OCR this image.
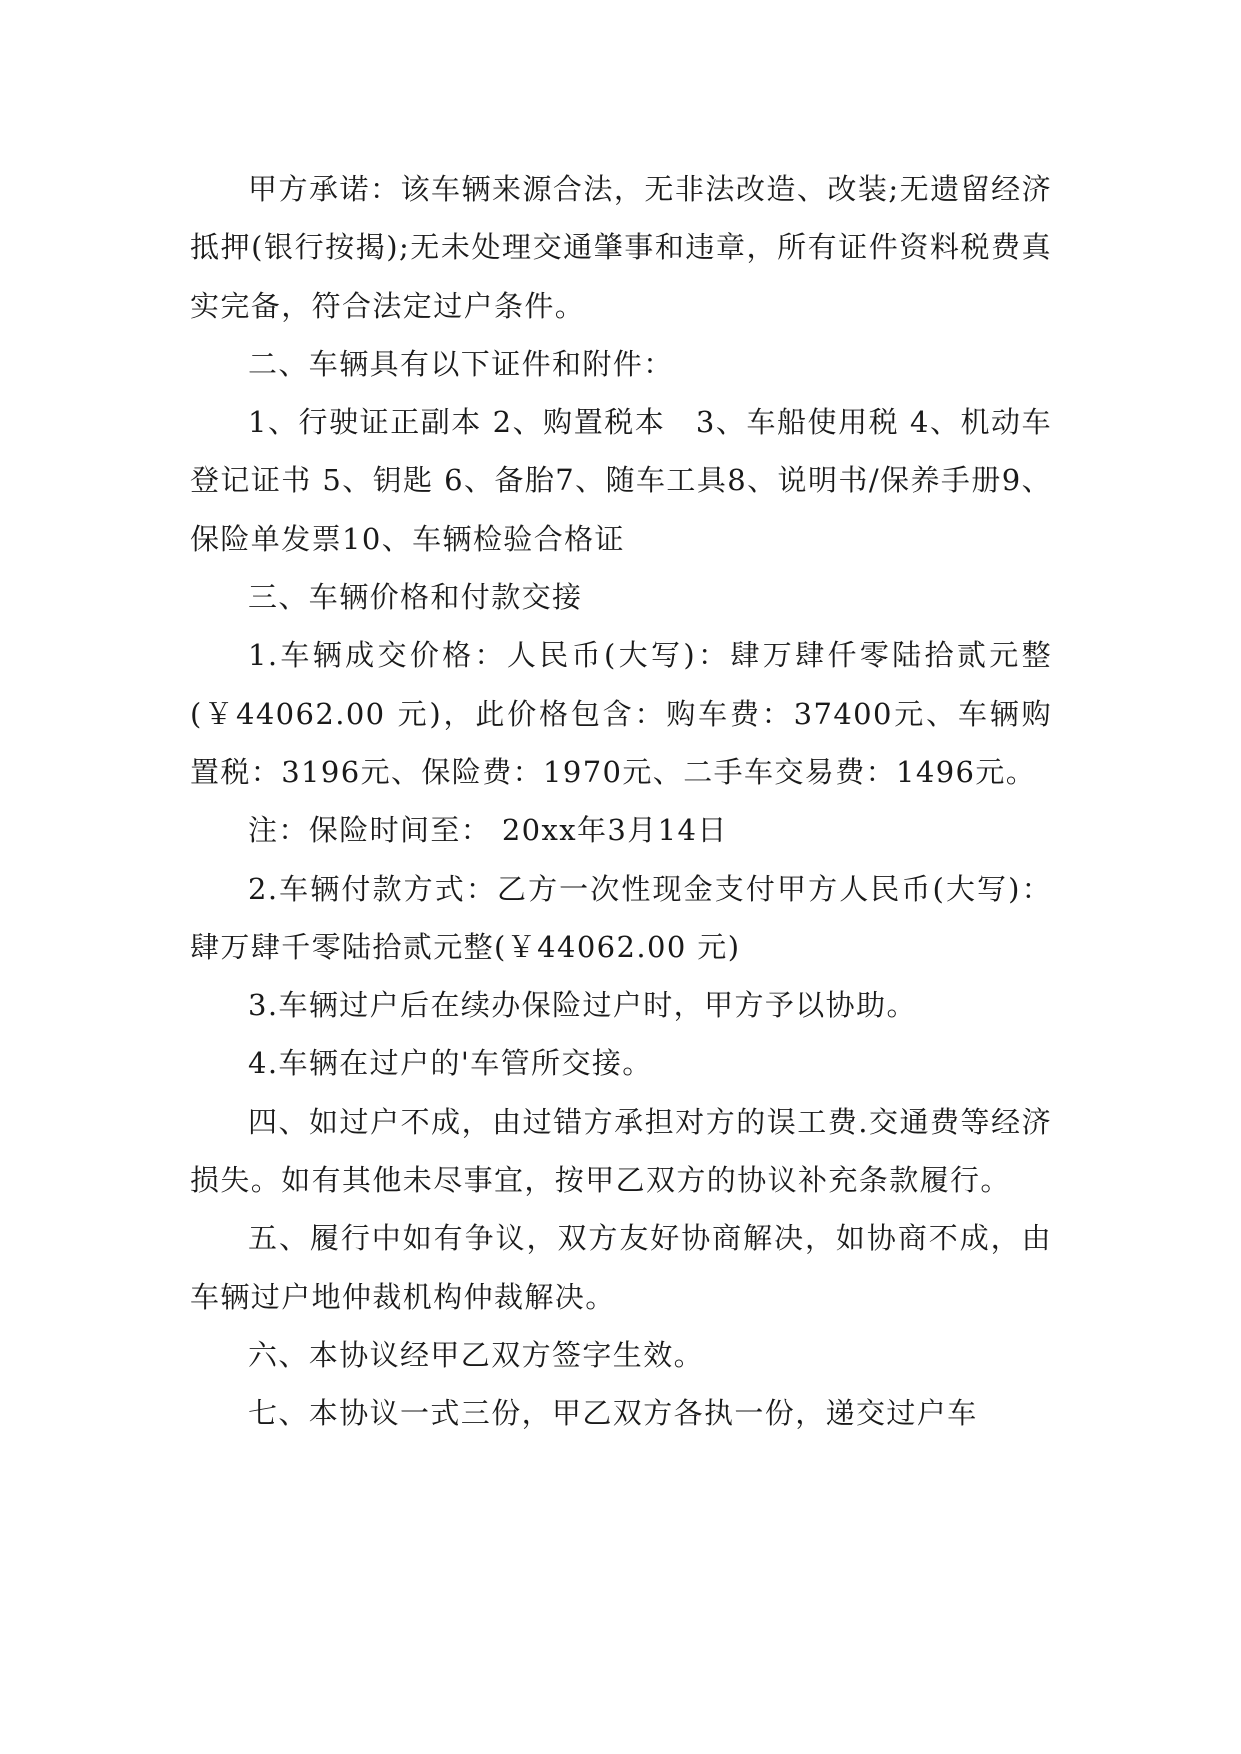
甲方承诺：该车辆来源合法，无非法改造、改装;无遗留经济抵押(银行按揭);无未处理交通肇事和违章，所有证件资料税费真实完备，符合法定过户条件。

二、车辆具有以下证件和附件：

1、行驶证正副本 2、购置税本　3、车船使用税 4、机动车登记证书 5、钥匙 6、备胎7、随车工具8、说明书/保养手册9、保险单发票10、车辆检验合格证

三、车辆价格和付款交接

1.车辆成交价格：人民币(大写)：肆万肆仟零陆拾贰元整(￥44062.00 元)，此价格包含：购车费：37400元、车辆购置税：3196元、保险费：1970元、二手车交易费：1496元。

注：保险时间至： 20xx年3月14日

2.车辆付款方式：乙方一次性现金支付甲方人民币(大写)：肆万肆千零陆拾贰元整(￥44062.00 元)

3.车辆过户后在续办保险过户时，甲方予以协助。

4.车辆在过户的'车管所交接。

四、如过户不成，由过错方承担对方的误工费.交通费等经济损失。如有其他未尽事宜，按甲乙双方的协议补充条款履行。

五、履行中如有争议，双方友好协商解决，如协商不成，由车辆过户地仲裁机构仲裁解决。

六、本协议经甲乙双方签字生效。

七、本协议一式三份，甲乙双方各执一份，递交过户车
